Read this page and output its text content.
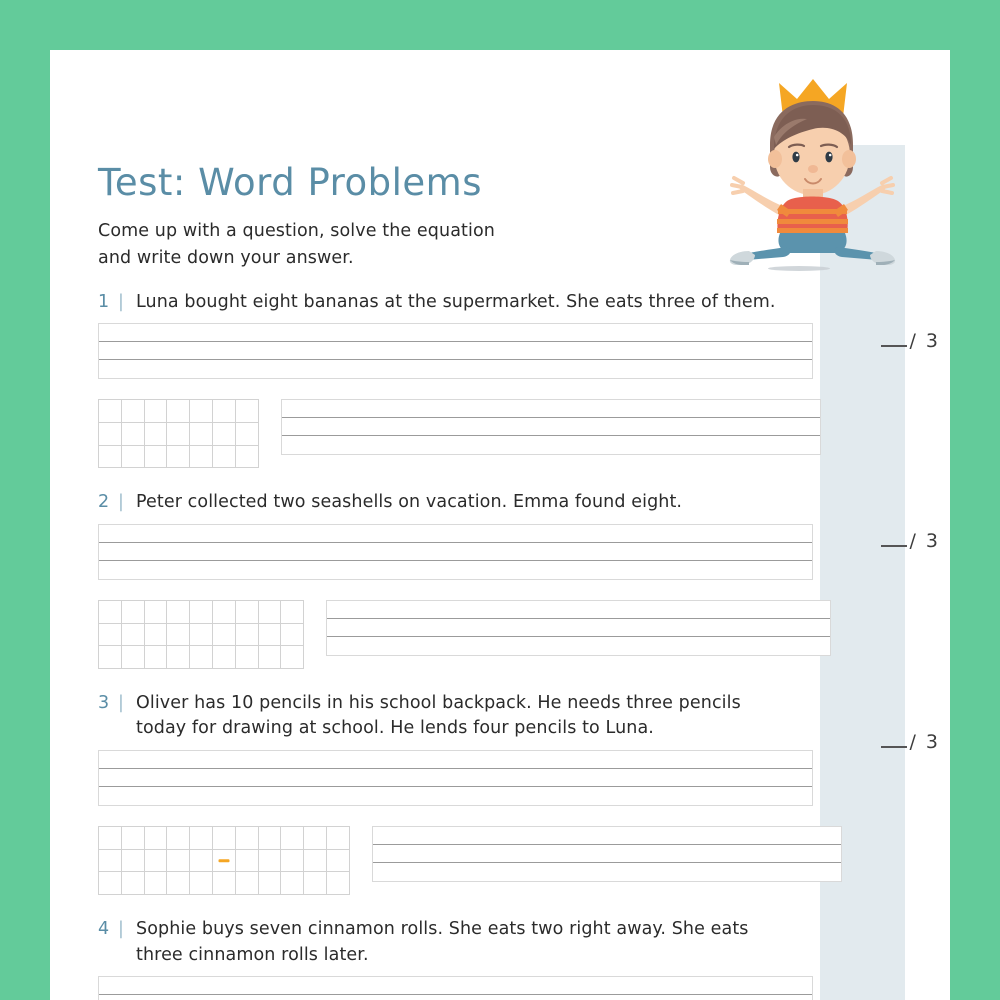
Test: Word Problems
Come up with a question, solve the equation
and write down your answer.
1 | Luna bought eight bananas at the supermarket. She eats three of them.
/ 3
2 | Peter collected two seashells on vacation. Emma found eight.
/ 3
3 | Oliver has 10 pencils in his school backpack. He needs three pencils
today for drawing at school. He lends four pencils to Luna.
/ 3
4 | Sophie buys seven cinnamon rolls. She eats two right away. She eats
three cinnamon rolls later.
